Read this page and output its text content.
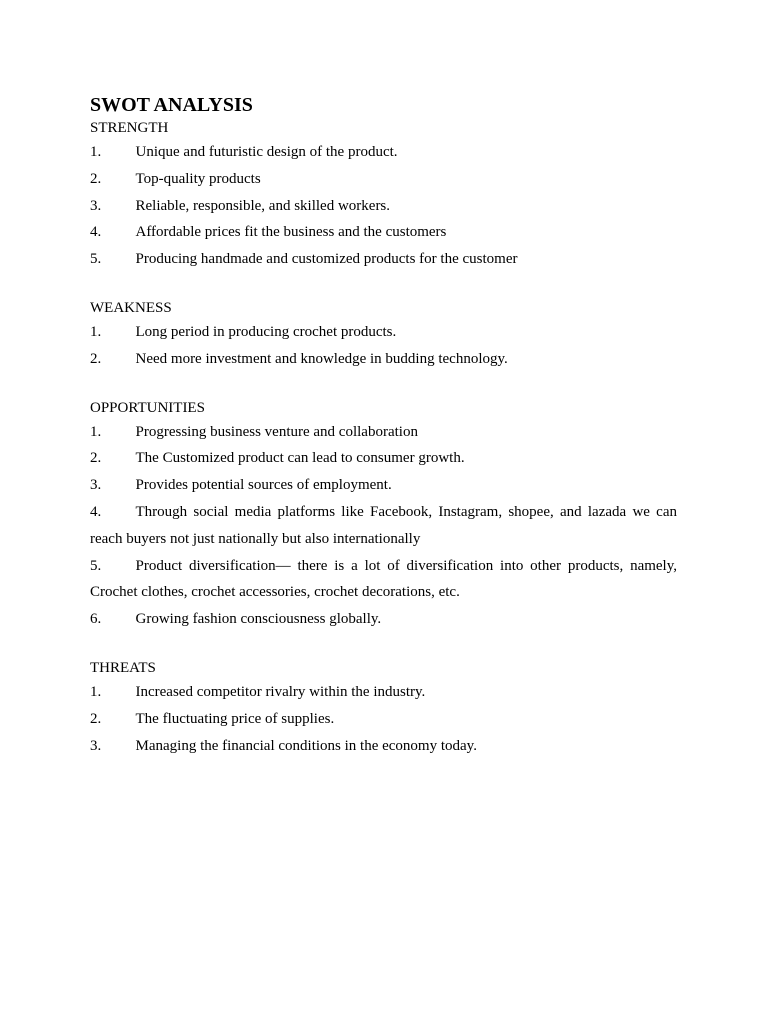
SWOT ANALYSIS
STRENGTH
1. Unique and futuristic design of the product.
2. Top-quality products
3. Reliable, responsible, and skilled workers.
4. Affordable prices fit the business and the customers
5. Producing handmade and customized products for the customer
WEAKNESS
1. Long period in producing crochet products.
2. Need more investment and knowledge in budding technology.
OPPORTUNITIES
1. Progressing business venture and collaboration
2. The Customized product can lead to consumer growth.
3. Provides potential sources of employment.
4. Through social media platforms like Facebook, Instagram, shopee, and lazada we can reach buyers not just nationally but also internationally
5. Product diversification— there is a lot of diversification into other products, namely, Crochet clothes, crochet accessories, crochet decorations, etc.
6. Growing fashion consciousness globally.
THREATS
1. Increased competitor rivalry within the industry.
2. The fluctuating price of supplies.
3. Managing the financial conditions in the economy today.
